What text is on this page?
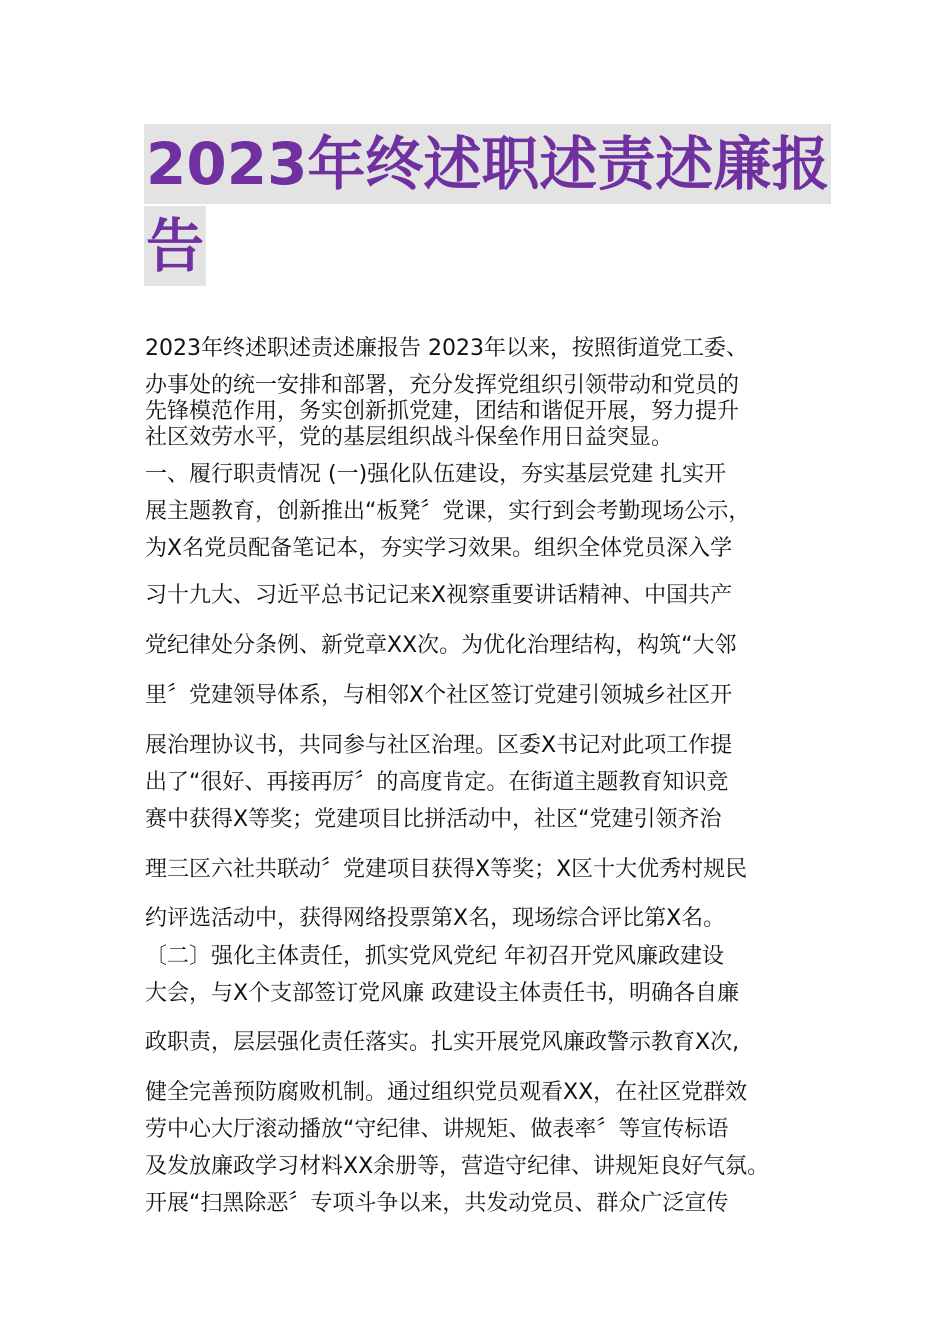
2023年终述职述责述廉报
告
2023年终述职述责述廉报告 2023年以来，按照街道党工委、
办事处的统一安排和部署，充分发挥党组织引领带动和党员的
先锋模范作用，务实创新抓党建，团结和谐促开展，努力提升
社区效劳水平，党的基层组织战斗保垒作用日益突显。
一、履行职责情况 (一)强化队伍建设，夯实基层党建 扎实开
展主题教育，创新推出“板凳〞党课，实行到会考勤现场公示，
为X名党员配备笔记本，夯实学习效果。组织全体党员深入学
习十九大、习近平总书记记来X视察重要讲话精神、中国共产
党纪律处分条例、新党章XX次。为优化治理结构，构筑“大邻
里〞党建领导体系，与相邻X个社区签订党建引领城乡社区开
展治理协议书，共同参与社区治理。区委X书记对此项工作提
出了“很好、再接再厉〞的高度肯定。在街道主题教育知识竞
赛中获得X等奖；党建项目比拼活动中，社区“党建引领齐治
理三区六社共联动〞党建项目获得X等奖；X区十大优秀村规民
约评选活动中，获得网络投票第X名，现场综合评比第X名。
〔二〕强化主体责任，抓实党风党纪 年初召开党风廉政建设
大会，与X个支部签订党风廉 政建设主体责任书，明确各自廉
政职责，层层强化责任落实。扎实开展党风廉政警示教育X次,
健全完善预防腐败机制。通过组织党员观看XX，在社区党群效
劳中心大厅滚动播放“守纪律、讲规矩、做表率〞等宣传标语
及发放廉政学习材料XX余册等，营造守纪律、讲规矩良好气氛。
开展“扫黑除恶〞专项斗争以来，共发动党员、群众广泛宣传
